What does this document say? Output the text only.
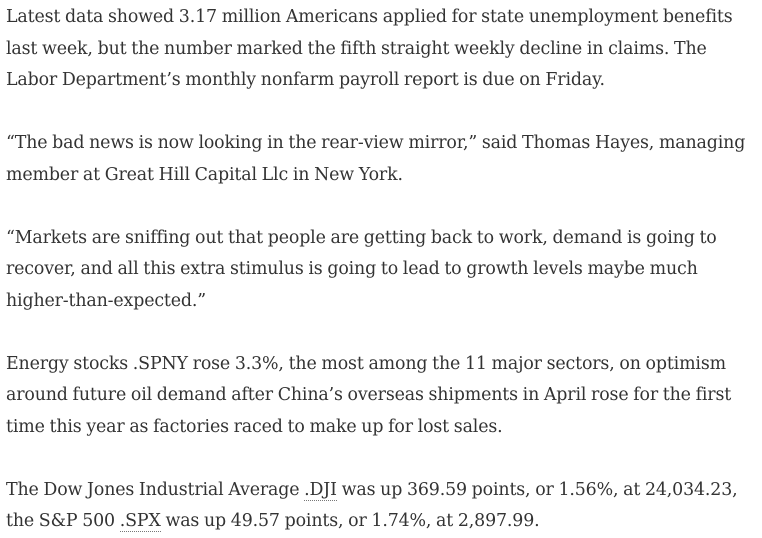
Latest data showed 3.17 million Americans applied for state unemployment benefits last week, but the number marked the fifth straight weekly decline in claims. The Labor Department’s monthly nonfarm payroll report is due on Friday.

“The bad news is now looking in the rear-view mirror,” said Thomas Hayes, managing member at Great Hill Capital Llc in New York.

“Markets are sniffing out that people are getting back to work, demand is going to recover, and all this extra stimulus is going to lead to growth levels maybe much higher-than-expected.”

Energy stocks .SPNY rose 3.3%, the most among the 11 major sectors, on optimism around future oil demand after China’s overseas shipments in April rose for the first time this year as factories raced to make up for lost sales.

The Dow Jones Industrial Average .DJI was up 369.59 points, or 1.56%, at 24,034.23, the S&P 500 .SPX was up 49.57 points, or 1.74%, at 2,897.99.
